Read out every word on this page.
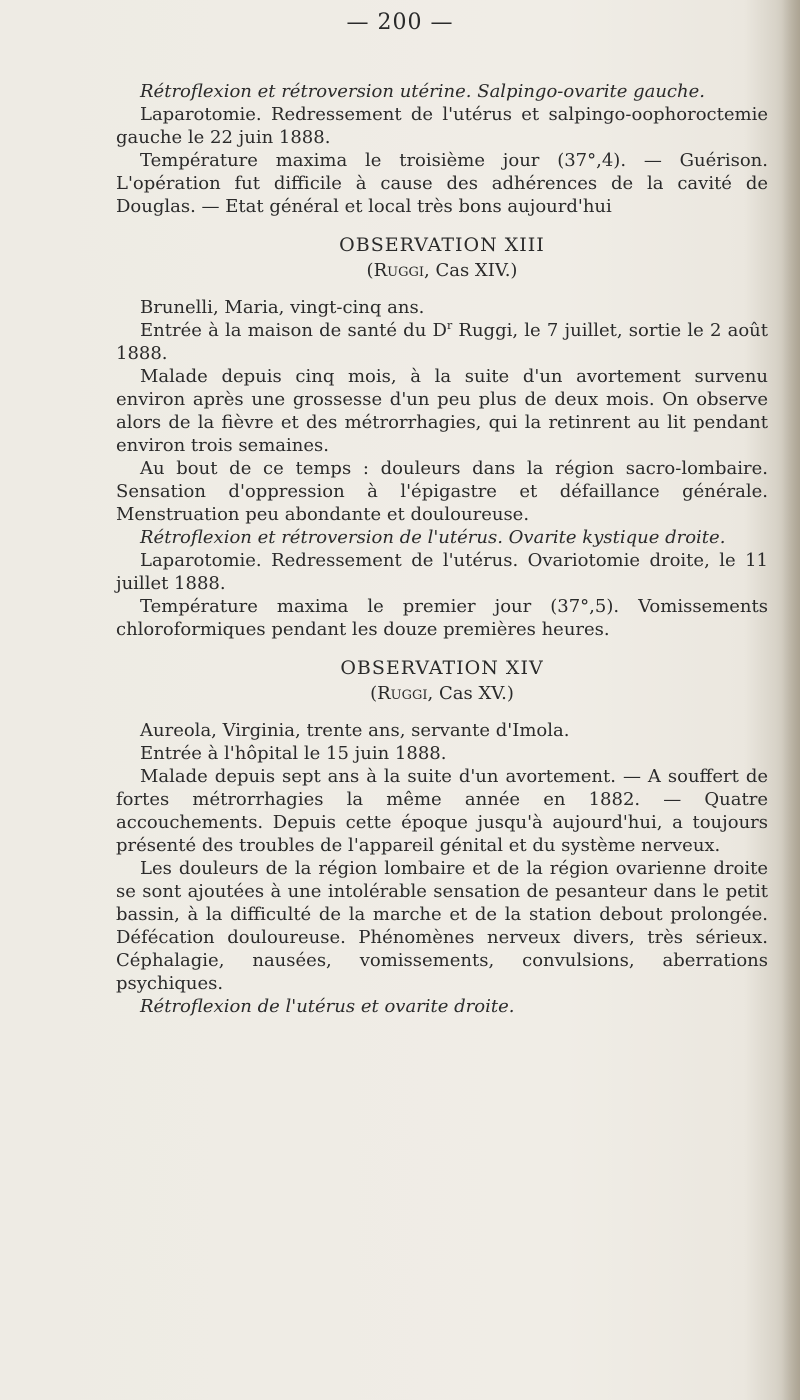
— 200 —

Rétroflexion et rétroversion utérine. Salpingo-ovarite gauche.

Laparotomie. Redressement de l'utérus et salpingo-oophoroctemie gauche le 22 juin 1888.

Température maxima le troisième jour (37°,4). — Guérison. L'opération fut difficile à cause des adhérences de la cavité de Douglas. — Etat général et local très bons aujourd'hui

OBSERVATION XIII

(Ruggi, Cas XIV.)

Brunelli, Maria, vingt-cinq ans.

Entrée à la maison de santé du $D^r$ Ruggi, le 7 juillet, sortie le 2 août 1888.

Malade depuis cinq mois, à la suite d'un avortement survenu environ après une grossesse d'un peu plus de deux mois. On observe alors de la fièvre et des métrorrhagies, qui la retinrent au lit pendant environ trois semaines.

Au bout de ce temps : douleurs dans la région sacro-lombaire. Sensation d'oppression à l'épigastre et défaillance générale. Menstruation peu abondante et douloureuse.

Rétroflexion et rétroversion de l'utérus. Ovarite kystique droite.

Laparotomie. Redressement de l'utérus. Ovariotomie droite, le 11 juillet 1888.

Température maxima le premier jour (37°,5). Vomissements chloroformiques pendant les douze premières heures.

OBSERVATION XIV

(Ruggi, Cas XV.)

Aureola, Virginia, trente ans, servante d'Imola.

Entrée à l'hôpital le 15 juin 1888.

Malade depuis sept ans à la suite d'un avortement. — A souffert de fortes métrorrhagies la même année en 1882. — Quatre accouchements. Depuis cette époque jusqu'à aujourd'hui, a toujours présenté des troubles de l'appareil génital et du système nerveux.

Les douleurs de la région lombaire et de la région ovarienne droite se sont ajoutées à une intolérable sensation de pesanteur dans le petit bassin, à la difficulté de la marche et de la station debout prolongée. Défécation douloureuse. Phénomènes nerveux divers, très sérieux. Céphalagie, nausées, vomissements, convulsions, aberrations psychiques.

Rétroflexion de l'utérus et ovarite droite.
